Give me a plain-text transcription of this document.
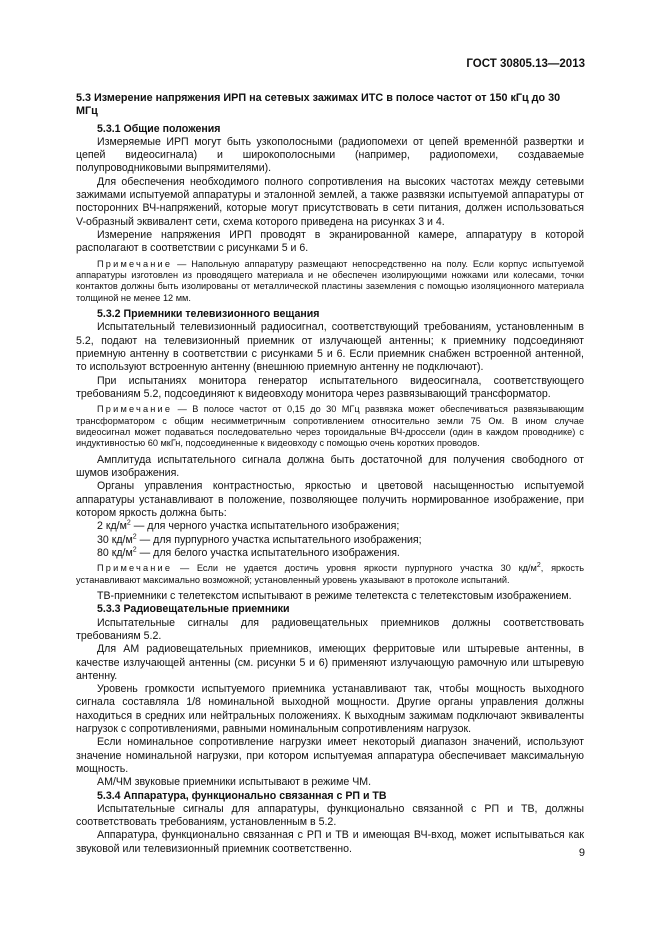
ГОСТ 30805.13—2013
5.3 Измерение напряжения ИРП на сетевых зажимах ИТС в полосе частот от 150 кГц до 30 МГц
5.3.1 Общие положения

Измеряемые ИРП могут быть узкополосными (радиопомехи от цепей временнóй развертки и цепей видеосигнала) и широкополосными (например, радиопомехи, создаваемые полупроводниковыми выпрямителями).

Для обеспечения необходимого полного сопротивления на высоких частотах между сетевыми зажимами испытуемой аппаратуры и эталонной землей, а также развязки испытуемой аппаратуры от посторонних ВЧ-напряжений, которые могут присутствовать в сети питания, должен использоваться V-образный эквивалент сети, схема которого приведена на рисунках 3 и 4.

Измерение напряжения ИРП проводят в экранированной камере, аппаратуру в которой располагают в соответствии с рисунками 5 и 6.

Примечание — Напольную аппаратуру размещают непосредственно на полу. Если корпус испытуемой аппаратуры изготовлен из проводящего материала и не обеспечен изолирующими ножками или колесами, точки контактов должны быть изолированы от металлической пластины заземления с помощью изоляционного материала толщиной не менее 12 мм.
5.3.2 Приемники телевизионного вещания

Испытательный телевизионный радиосигнал, соответствующий требованиям, установленным в 5.2, подают на телевизионный приемник от излучающей антенны; к приемнику подсоединяют приемную антенну в соответствии с рисунками 5 и 6. Если приемник снабжен встроенной антенной, то используют встроенную антенну (внешнюю приемную антенну не подключают).

При испытаниях монитора генератор испытательного видеосигнала, соответствующего требованиям 5.2, подсоединяют к видеовходу монитора через развязывающий трансформатор.

Примечание — В полосе частот от 0,15 до 30 МГц развязка может обеспечиваться развязывающим трансформатором с общим несимметричным сопротивлением относительно земли 75 Ом. В ином случае видеосигнал может подаваться последовательно через тороидальные ВЧ-дроссели (один в каждом проводнике) с индуктивностью 60 мкГн, подсоединенные к видеовходу с помощью очень коротких проводов.

Амплитуда испытательного сигнала должна быть достаточной для получения свободного от шумов изображения.

Органы управления контрастностью, яркостью и цветовой насыщенностью испытуемой аппаратуры устанавливают в положение, позволяющее получить нормированное изображение, при котором яркость должна быть:

2 $кд/м^2$ — для черного участка испытательного изображения;

30 $кд/м^2$ — для пурпурного участка испытательного изображения;

80 $кд/м^2$ — для белого участка испытательного изображения.

Примечание — Если не удается достичь уровня яркости пурпурного участка 30 $кд/м^2$, яркость устанавливают максимально возможной; установленный уровень указывают в протоколе испытаний.

ТВ-приемники с телетекстом испытывают в режиме телетекста с телетекстовым изображением.

5.3.3 Радиовещательные приемники

Испытательные сигналы для радиовещательных приемников должны соответствовать требованиям 5.2.

Для АМ радиовещательных приемников, имеющих ферритовые или штыревые антенны, в качестве излучающей антенны (см. рисунки 5 и 6) применяют излучающую рамочную или штыревую антенну.

Уровень громкости испытуемого приемника устанавливают так, чтобы мощность выходного сигнала составляла 1/8 номинальной выходной мощности. Другие органы управления должны находиться в средних или нейтральных положениях. К выходным зажимам подключают эквиваленты нагрузок с сопротивлениями, равными номинальным сопротивлениям нагрузок.

Если номинальное сопротивление нагрузки имеет некоторый диапазон значений, используют значение номинальной нагрузки, при котором испытуемая аппаратура обеспечивает максимальную мощность.

АМ/ЧМ звуковые приемники испытывают в режиме ЧМ.

5.3.4 Аппаратура, функционально связанная с РП и ТВ

Испытательные сигналы для аппаратуры, функционально связанной с РП и ТВ, должны соответствовать требованиям, установленным в 5.2.

Аппаратура, функционально связанная с РП и ТВ и имеющая ВЧ-вход, может испытываться как звуковой или телевизионный приемник соответственно.	9
